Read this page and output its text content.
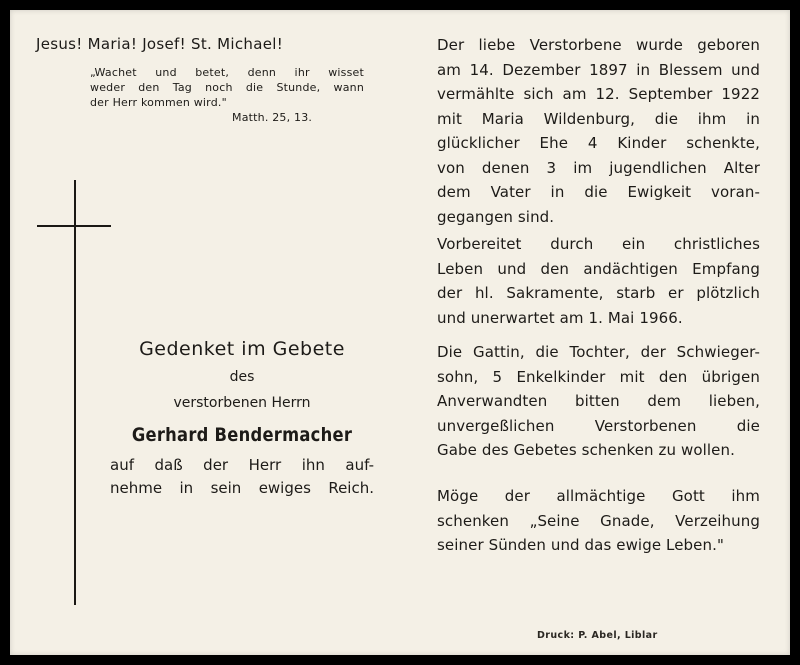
Jesus! Maria! Josef! St. Michael!
„Wachet und betet, denn ihr wisset
weder den Tag noch die Stunde, wann
der Herr kommen wird."
Matth. 25, 13.
Gedenket im Gebete
des
verstorbenen Herrn
Gerhard Bendermacher
auf daß der Herr ihn auf-
nehme in sein ewiges Reich.
Der liebe Verstorbene wurde geboren
am 14. Dezember 1897 in Blessem und
vermählte sich am 12. September 1922
mit Maria Wildenburg, die ihm in
glücklicher Ehe 4 Kinder schenkte,
von denen 3 im jugendlichen Alter
dem Vater in die Ewigkeit voran-
gegangen sind.
Vorbereitet durch ein christliches
Leben und den andächtigen Empfang
der hl. Sakramente, starb er plötzlich
und unerwartet am 1. Mai 1966.
Die Gattin, die Tochter, der Schwieger-
sohn, 5 Enkelkinder mit den übrigen
Anverwandten bitten dem lieben,
unvergeßlichen Verstorbenen die
Gabe des Gebetes schenken zu wollen.
Möge der allmächtige Gott ihm
schenken „Seine Gnade, Verzeihung
seiner Sünden und das ewige Leben."
Druck: P. Abel, Liblar
